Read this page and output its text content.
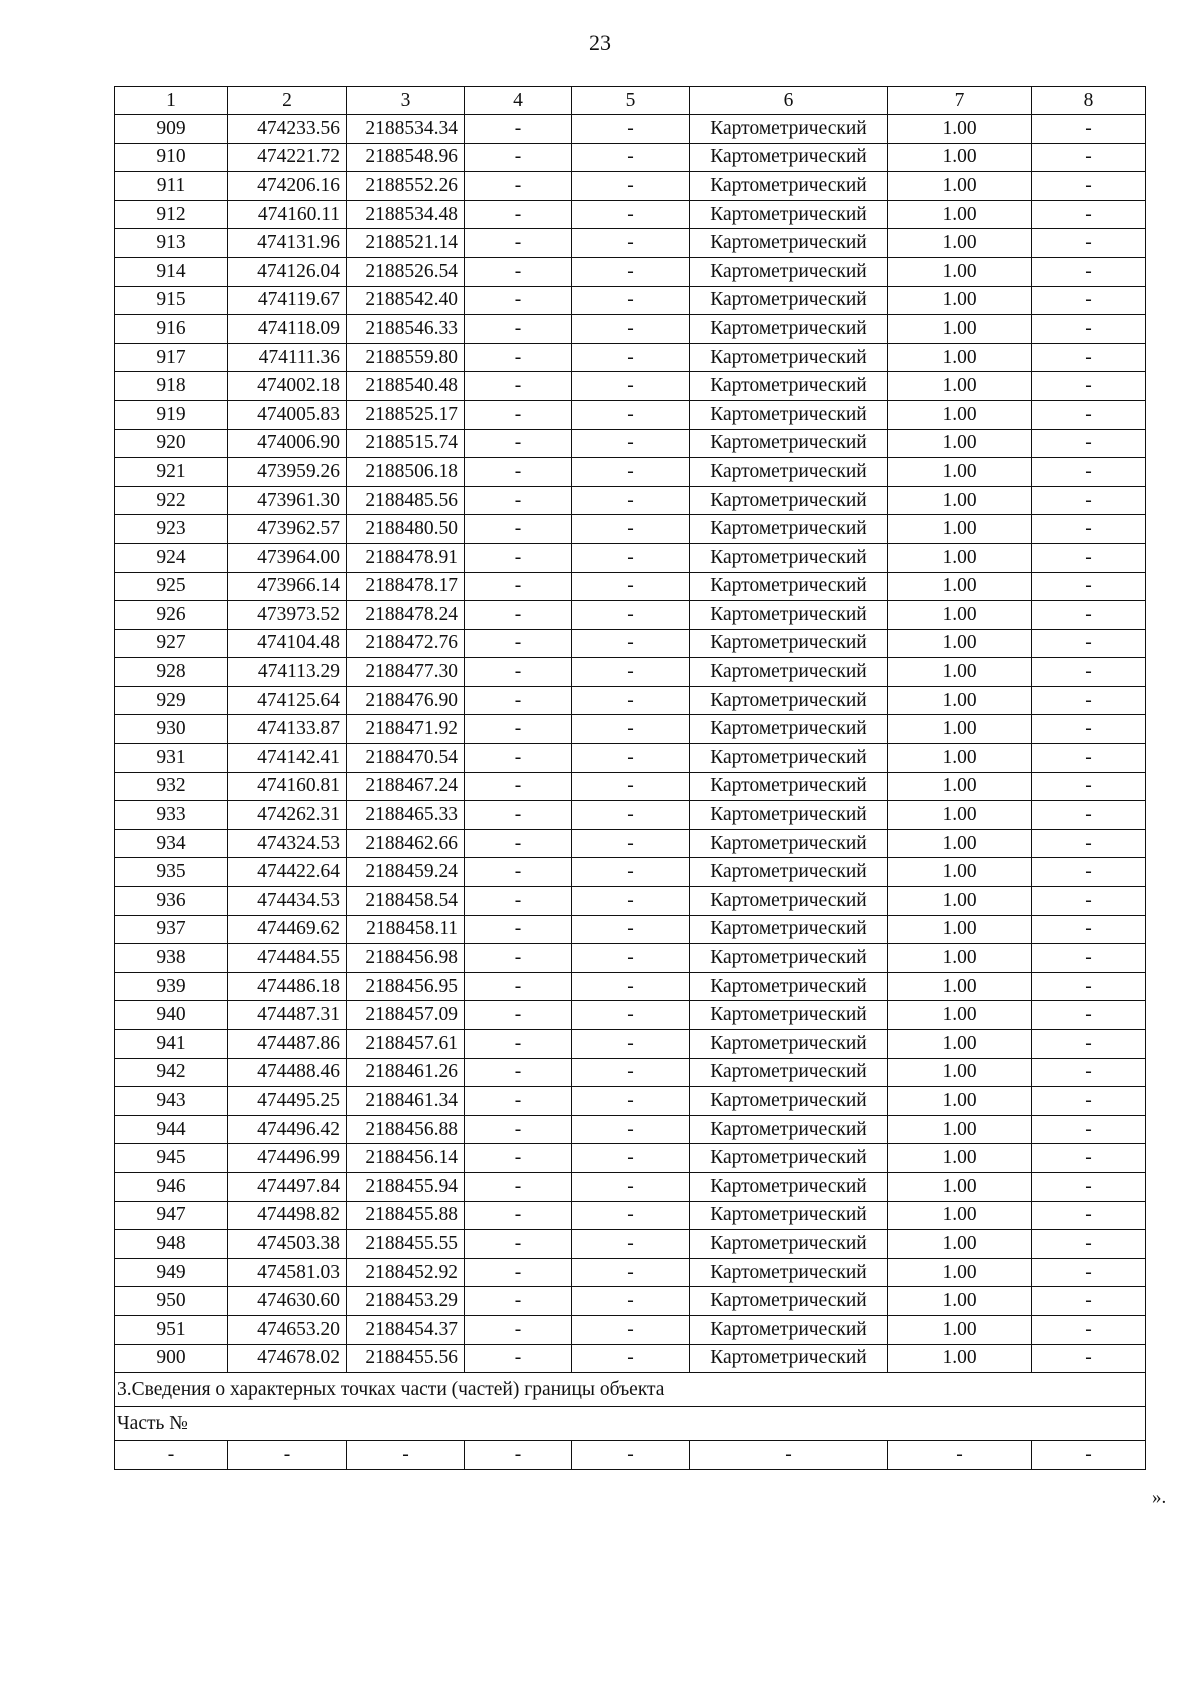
23
1	2	3	4	5	6	7	8
909	474233.56	2188534.34	-	-	Картометрический	1.00	-
910	474221.72	2188548.96	-	-	Картометрический	1.00	-
911	474206.16	2188552.26	-	-	Картометрический	1.00	-
912	474160.11	2188534.48	-	-	Картометрический	1.00	-
913	474131.96	2188521.14	-	-	Картометрический	1.00	-
914	474126.04	2188526.54	-	-	Картометрический	1.00	-
915	474119.67	2188542.40	-	-	Картометрический	1.00	-
916	474118.09	2188546.33	-	-	Картометрический	1.00	-
917	474111.36	2188559.80	-	-	Картометрический	1.00	-
918	474002.18	2188540.48	-	-	Картометрический	1.00	-
919	474005.83	2188525.17	-	-	Картометрический	1.00	-
920	474006.90	2188515.74	-	-	Картометрический	1.00	-
921	473959.26	2188506.18	-	-	Картометрический	1.00	-
922	473961.30	2188485.56	-	-	Картометрический	1.00	-
923	473962.57	2188480.50	-	-	Картометрический	1.00	-
924	473964.00	2188478.91	-	-	Картометрический	1.00	-
925	473966.14	2188478.17	-	-	Картометрический	1.00	-
926	473973.52	2188478.24	-	-	Картометрический	1.00	-
927	474104.48	2188472.76	-	-	Картометрический	1.00	-
928	474113.29	2188477.30	-	-	Картометрический	1.00	-
929	474125.64	2188476.90	-	-	Картометрический	1.00	-
930	474133.87	2188471.92	-	-	Картометрический	1.00	-
931	474142.41	2188470.54	-	-	Картометрический	1.00	-
932	474160.81	2188467.24	-	-	Картометрический	1.00	-
933	474262.31	2188465.33	-	-	Картометрический	1.00	-
934	474324.53	2188462.66	-	-	Картометрический	1.00	-
935	474422.64	2188459.24	-	-	Картометрический	1.00	-
936	474434.53	2188458.54	-	-	Картометрический	1.00	-
937	474469.62	2188458.11	-	-	Картометрический	1.00	-
938	474484.55	2188456.98	-	-	Картометрический	1.00	-
939	474486.18	2188456.95	-	-	Картометрический	1.00	-
940	474487.31	2188457.09	-	-	Картометрический	1.00	-
941	474487.86	2188457.61	-	-	Картометрический	1.00	-
942	474488.46	2188461.26	-	-	Картометрический	1.00	-
943	474495.25	2188461.34	-	-	Картометрический	1.00	-
944	474496.42	2188456.88	-	-	Картометрический	1.00	-
945	474496.99	2188456.14	-	-	Картометрический	1.00	-
946	474497.84	2188455.94	-	-	Картометрический	1.00	-
947	474498.82	2188455.88	-	-	Картометрический	1.00	-
948	474503.38	2188455.55	-	-	Картометрический	1.00	-
949	474581.03	2188452.92	-	-	Картометрический	1.00	-
950	474630.60	2188453.29	-	-	Картометрический	1.00	-
951	474653.20	2188454.37	-	-	Картометрический	1.00	-
900	474678.02	2188455.56	-	-	Картометрический	1.00	-
3.Сведения о характерных точках части (частей) границы объекта							
Часть №							
-	-	-	-	-	-	-	-
».
